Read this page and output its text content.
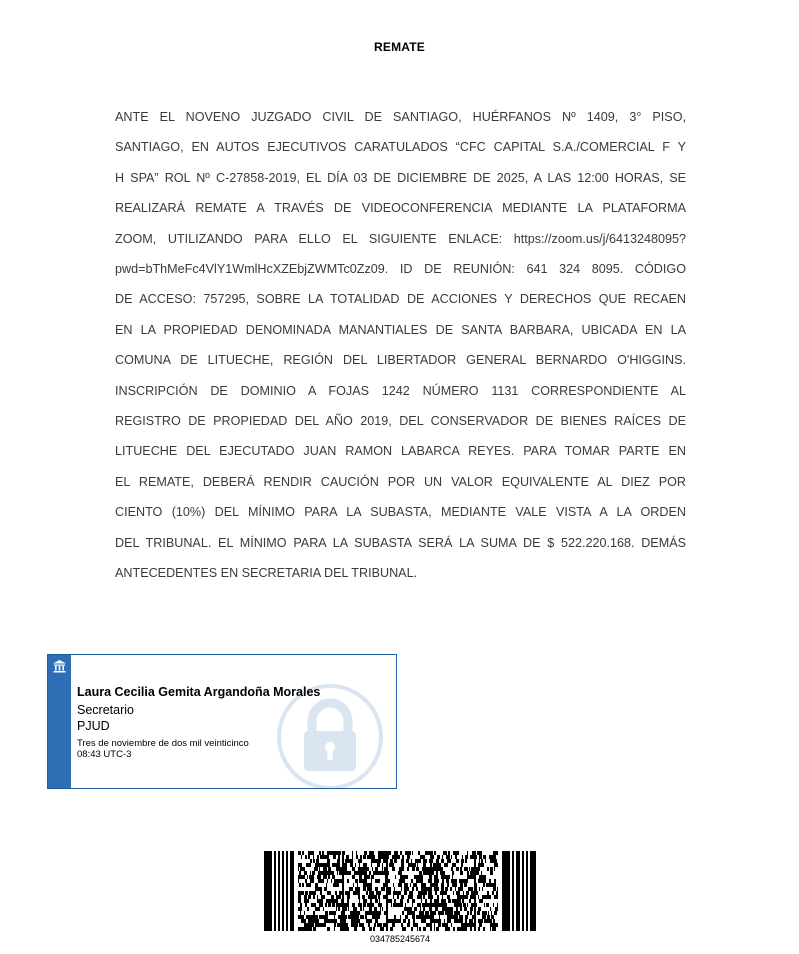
REMATE

ANTE EL NOVENO JUZGADO CIVIL DE SANTIAGO, HUÉRFANOS Nº 1409, 3° PISO,
SANTIAGO, EN AUTOS EJECUTIVOS CARATULADOS “CFC CAPITAL S.A./COMERCIAL F Y
H SPA” ROL Nº C-27858-2019, EL DÍA 03 DE DICIEMBRE DE 2025, A LAS 12:00 HORAS, SE
REALIZARÁ REMATE A TRAVÉS DE VIDEOCONFERENCIA MEDIANTE LA PLATAFORMA
ZOOM, UTILIZANDO PARA ELLO EL SIGUIENTE ENLACE: https://zoom.us/j/6413248095?
pwd=bThMeFc4VlY1WmlHcXZEbjZWMTc0Zz09. ID DE REUNIÓN: 641 324 8095. CÓDIGO
DE ACCESO: 757295, SOBRE LA TOTALIDAD DE ACCIONES Y DERECHOS QUE RECAEN
EN LA PROPIEDAD DENOMINADA MANANTIALES DE SANTA BARBARA, UBICADA EN LA
COMUNA DE LITUECHE, REGIÓN DEL LIBERTADOR GENERAL BERNARDO O'HIGGINS.
INSCRIPCIÓN DE DOMINIO A FOJAS 1242 NÚMERO 1131 CORRESPONDIENTE AL
REGISTRO DE PROPIEDAD DEL AÑO 2019, DEL CONSERVADOR DE BIENES RAÍCES DE
LITUECHE DEL EJECUTADO JUAN RAMON LABARCA REYES. PARA TOMAR PARTE EN
EL REMATE, DEBERÁ RENDIR CAUCIÓN POR UN VALOR EQUIVALENTE AL DIEZ POR
CIENTO (10%) DEL MÍNIMO PARA LA SUBASTA, MEDIANTE VALE VISTA A LA ORDEN
DEL TRIBUNAL. EL MÍNIMO PARA LA SUBASTA SERÁ LA SUMA DE $ 522.220.168. DEMÁS
ANTECEDENTES EN SECRETARIA DEL TRIBUNAL.

Laura Cecilia Gemita Argandoña Morales
Secretario
PJUD
Tres de noviembre de dos mil veinticinco
08:43 UTC-3
034785245674
